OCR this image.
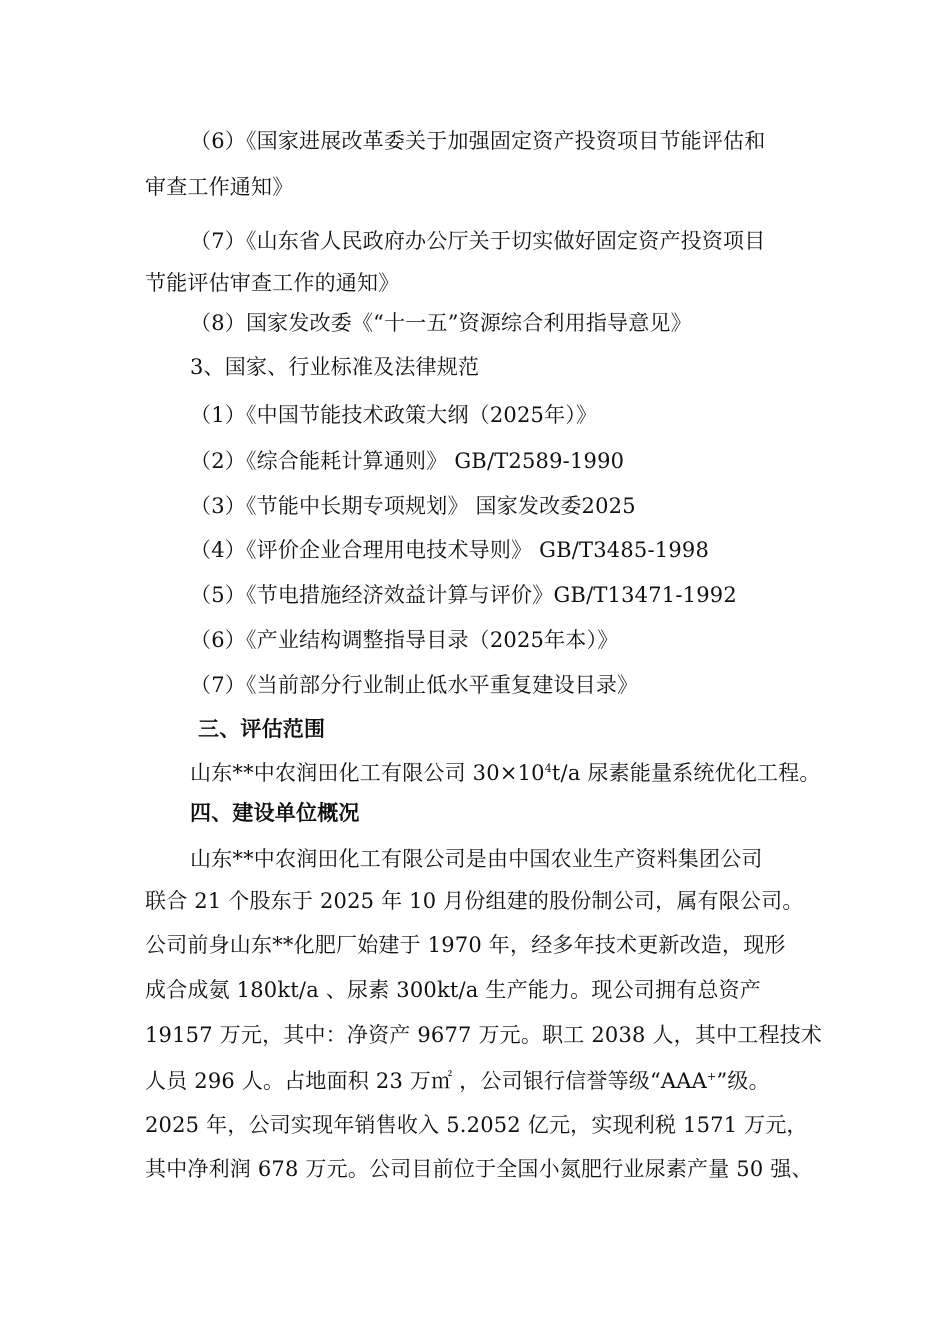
（6）《国家进展改革委关于加强固定资产投资项目节能评估和
审查工作通知》
（7）《山东省人民政府办公厅关于切实做好固定资产投资项目
节能评估审查工作的通知》
（8）国家发改委《“十一五”资源综合利用指导意见》
3、国家、行业标准及法律规范
（1）《中国节能技术政策大纲（2025年）》
（2）《综合能耗计算通则》 GB/T2589-1990
（3）《节能中长期专项规划》 国家发改委2025
（4）《评价企业合理用电技术导则》 GB/T3485-1998
（5）《节电措施经济效益计算与评价》GB/T13471-1992
（6）《产业结构调整指导目录（2025年本）》
（7）《当前部分行业制止低水平重复建设目录》
三、评估范围
山东**中农润田化工有限公司 $30\times 10^4t/a$ 尿素能量系统优化工程。
四、建设单位概况
山东**中农润田化工有限公司是由中国农业生产资料集团公司
联合 21 个股东于 2025 年 10 月份组建的股份制公司，属有限公司。
公司前身山东**化肥厂始建于 1970 年，经多年技术更新改造，现形
成合成氨 180kt/a 、尿素 300kt/a 生产能力。现公司拥有总资产
19157 万元，其中：净资产 9677 万元。职工 2038 人，其中工程技术
人员 296 人。占地面积 23 万㎡ ，公司银行信誉等级“AAA+”级。
2025 年，公司实现年销售收入 5.2052 亿元，实现利税 1571 万元，
其中净利润 678 万元。公司目前位于全国小氮肥行业尿素产量 50 强、
